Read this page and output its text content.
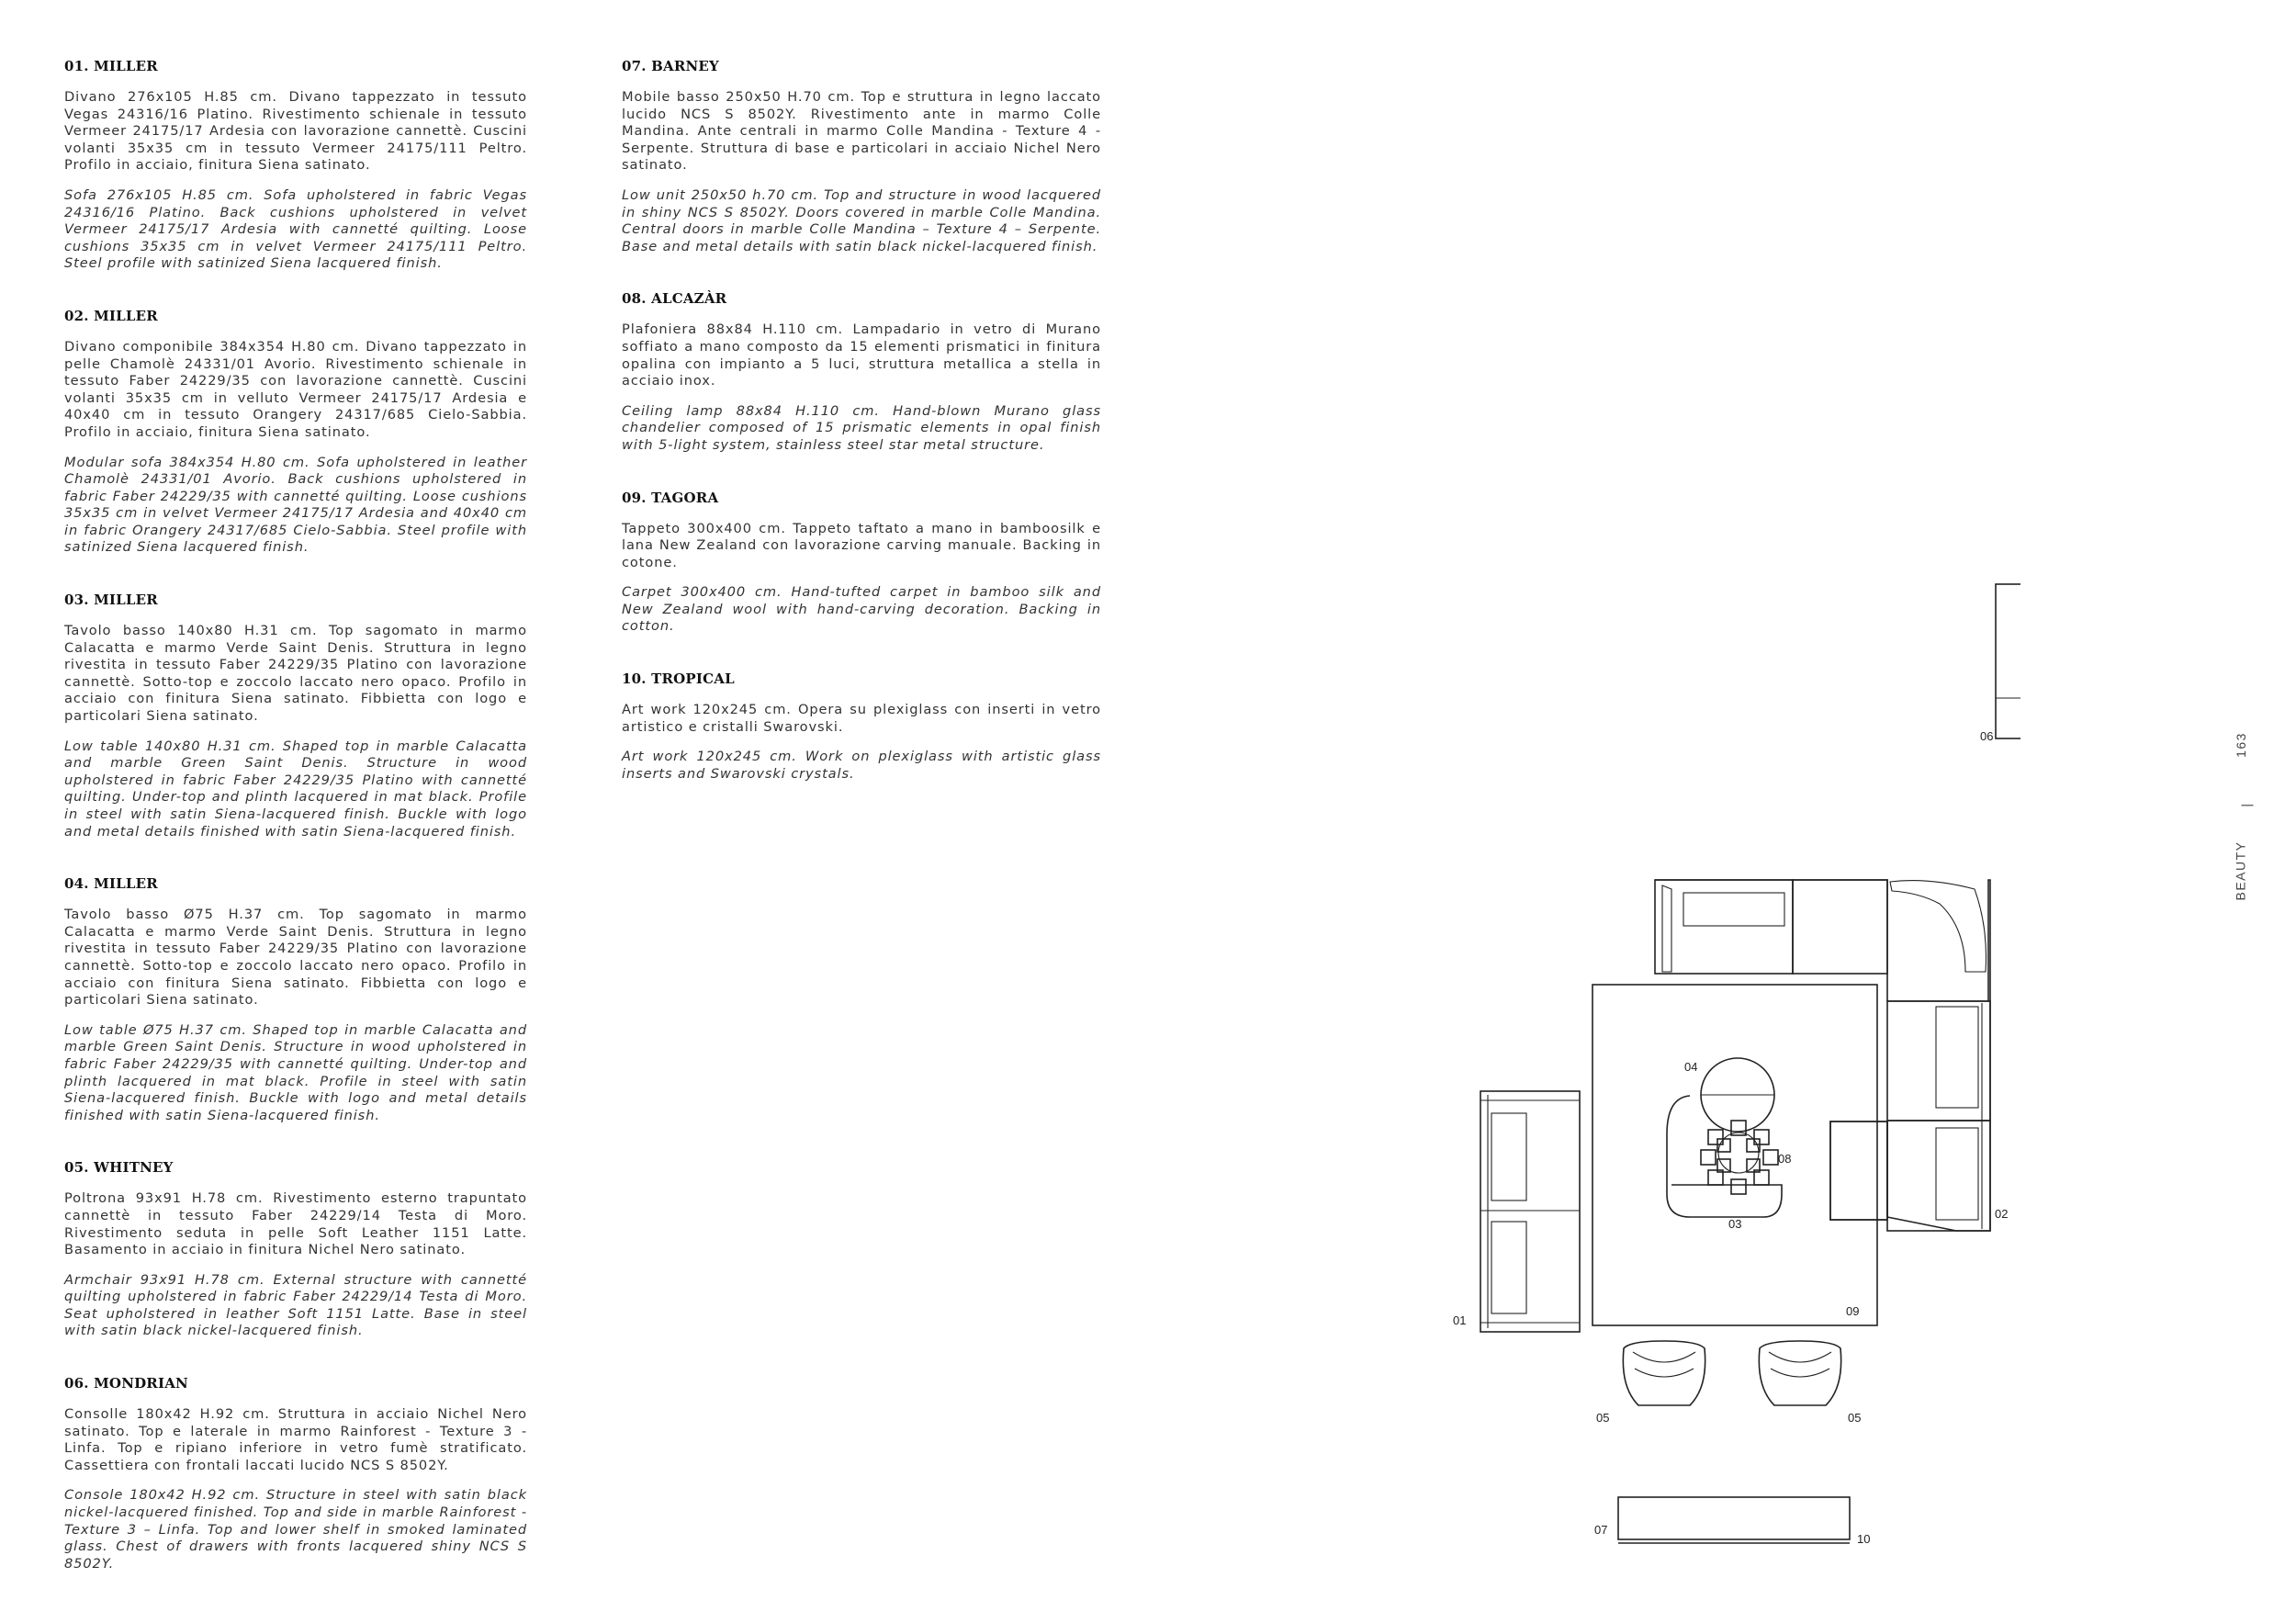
01. MILLER

Divano 276x105 H.85 cm. Divano tappezzato in tessuto Vegas 24316/16 Platino. Rivestimento schienale in tessuto Vermeer 24175/17 Ardesia con lavorazione cannettè. Cuscini volanti 35x35 cm in tessuto Vermeer 24175/111 Peltro. Profilo in acciaio, finitura Siena satinato.

Sofa 276x105 H.85 cm. Sofa upholstered in fabric Vegas 24316/16 Platino. Back cushions upholstered in velvet Vermeer 24175/17 Ardesia with cannetté quilting. Loose cushions 35x35 cm in velvet Vermeer 24175/111 Peltro. Steel profile with satinized Siena lacquered finish.

02. MILLER

Divano componibile 384x354 H.80 cm. Divano tappezzato in pelle Chamolè 24331/01 Avorio. Rivestimento schienale in tessuto Faber 24229/35 con lavorazione cannettè. Cuscini volanti 35x35 cm in velluto Vermeer 24175/17 Ardesia e 40x40 cm in tessuto Orangery 24317/685 Cielo-Sabbia. Profilo in acciaio, finitura Siena satinato.

Modular sofa 384x354 H.80 cm. Sofa upholstered in leather Chamolè 24331/01 Avorio. Back cushions upholstered in fabric Faber 24229/35 with cannetté quilting. Loose cushions 35x35 cm in velvet Vermeer 24175/17 Ardesia and 40x40 cm in fabric Orangery 24317/685 Cielo-Sabbia. Steel profile with satinized Siena lacquered finish.

03. MILLER

Tavolo basso 140x80 H.31 cm. Top sagomato in marmo Calacatta e marmo Verde Saint Denis. Struttura in legno rivestita in tessuto Faber 24229/35 Platino con lavorazione cannettè. Sotto-top e zoccolo laccato nero opaco. Profilo in acciaio con finitura Siena satinato. Fibbietta con logo e particolari Siena satinato.

Low table 140x80 H.31 cm. Shaped top in marble Calacatta and marble Green Saint Denis. Structure in wood upholstered in fabric Faber 24229/35 Platino with cannetté quilting. Under-top and plinth lacquered in mat black. Profile in steel with satin Siena-lacquered finish. Buckle with logo and metal details finished with satin Siena-lacquered finish.

04. MILLER

Tavolo basso Ø75 H.37 cm. Top sagomato in marmo Calacatta e marmo Verde Saint Denis. Struttura in legno rivestita in tessuto Faber 24229/35 Platino con lavorazione cannettè. Sotto-top e zoccolo laccato nero opaco. Profilo in acciaio con finitura Siena satinato. Fibbietta con logo e particolari Siena satinato.

Low table Ø75 H.37 cm. Shaped top in marble Calacatta and marble Green Saint Denis. Structure in wood upholstered in fabric Faber 24229/35 with cannetté quilting. Under-top and plinth lacquered in mat black. Profile in steel with satin Siena-lacquered finish. Buckle with logo and metal details finished with satin Siena-lacquered finish.

05. WHITNEY

Poltrona 93x91 H.78 cm. Rivestimento esterno trapuntato cannettè in tessuto Faber 24229/14 Testa di Moro. Rivestimento seduta in pelle Soft Leather 1151 Latte. Basamento in acciaio in finitura Nichel Nero satinato.

Armchair 93x91 H.78 cm. External structure with cannetté quilting upholstered in fabric Faber 24229/14 Testa di Moro. Seat upholstered in leather Soft 1151 Latte. Base in steel with satin black nickel-lacquered finish.

06. MONDRIAN

Consolle 180x42 H.92 cm. Struttura in acciaio Nichel Nero satinato. Top e laterale in marmo Rainforest - Texture 3 - Linfa. Top e ripiano inferiore in vetro fumè stratificato. Cassettiera con frontali laccati lucido NCS S 8502Y.

Console 180x42 H.92 cm. Structure in steel with satin black nickel-lacquered finished. Top and side in marble Rainforest - Texture 3 – Linfa. Top and lower shelf in smoked laminated glass. Chest of drawers with fronts lacquered shiny NCS S 8502Y.

07. BARNEY

Mobile basso 250x50 H.70 cm. Top e struttura in legno laccato lucido NCS S 8502Y. Rivestimento ante in marmo Colle Mandina. Ante centrali in marmo Colle Mandina - Texture 4 - Serpente. Struttura di base e particolari in acciaio Nichel Nero satinato.

Low unit 250x50 h.70 cm. Top and structure in wood lacquered in shiny NCS S 8502Y. Doors covered in marble Colle Mandina. Central doors in marble Colle Mandina – Texture 4 – Serpente. Base and metal details with satin black nickel-lacquered finish.

08. ALCAZÀR

Plafoniera 88x84 H.110 cm. Lampadario in vetro di Murano soffiato a mano composto da 15 elementi prismatici in finitura opalina con impianto a 5 luci, struttura metallica a stella in acciaio inox.

Ceiling lamp 88x84 H.110 cm. Hand-blown Murano glass chandelier composed of 15 prismatic elements in opal finish with 5-light system, stainless steel star metal structure.

09. TAGORA

Tappeto 300x400 cm. Tappeto taftato a mano in bamboosilk e lana New Zealand con lavorazione carving manuale. Backing in cotone.

Carpet 300x400 cm. Hand-tufted carpet in bamboo silk and New Zealand wool with hand-carving decoration. Backing in cotton.

10. TROPICAL

Art work 120x245 cm. Opera su plexiglass con inserti in vetro artistico e cristalli Swarovski.

Art work 120x245 cm. Work on plexiglass with artistic glass inserts and Swarovski crystals.

163
|
BEAUTY
01
02
03
04
05	05
06
07
08
09
10
